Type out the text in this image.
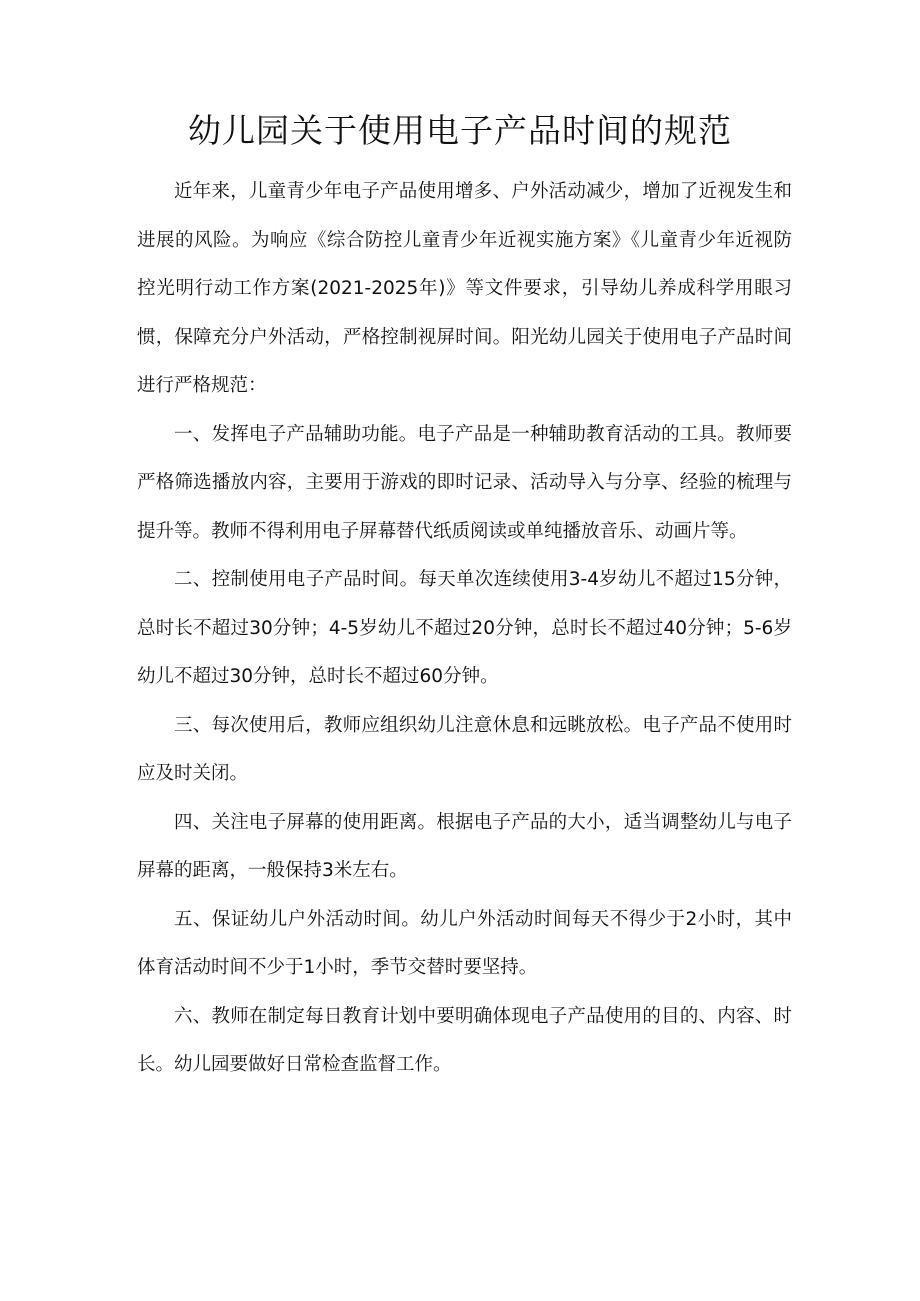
幼儿园关于使用电子产品时间的规范

近年来，儿童青少年电子产品使用增多、户外活动减少，增加了近视发生和进展的风险。为响应《综合防控儿童青少年近视实施方案》《儿童青少年近视防控光明行动工作方案(2021-2025年)》等文件要求，引导幼儿养成科学用眼习惯，保障充分户外活动，严格控制视屏时间。阳光幼儿园关于使用电子产品时间进行严格规范：

一、发挥电子产品辅助功能。电子产品是一种辅助教育活动的工具。教师要严格筛选播放内容，主要用于游戏的即时记录、活动导入与分享、经验的梳理与提升等。教师不得利用电子屏幕替代纸质阅读或单纯播放音乐、动画片等。

二、控制使用电子产品时间。每天单次连续使用3-4岁幼儿不超过15分钟，总时长不超过30分钟；4-5岁幼儿不超过20分钟，总时长不超过40分钟；5-6岁幼儿不超过30分钟，总时长不超过60分钟。

三、每次使用后，教师应组织幼儿注意休息和远眺放松。电子产品不使用时应及时关闭。

四、关注电子屏幕的使用距离。根据电子产品的大小，适当调整幼儿与电子屏幕的距离，一般保持3米左右。

五、保证幼儿户外活动时间。幼儿户外活动时间每天不得少于2小时，其中体育活动时间不少于1小时，季节交替时要坚持。

六、教师在制定每日教育计划中要明确体现电子产品使用的目的、内容、时长。幼儿园要做好日常检查监督工作。
